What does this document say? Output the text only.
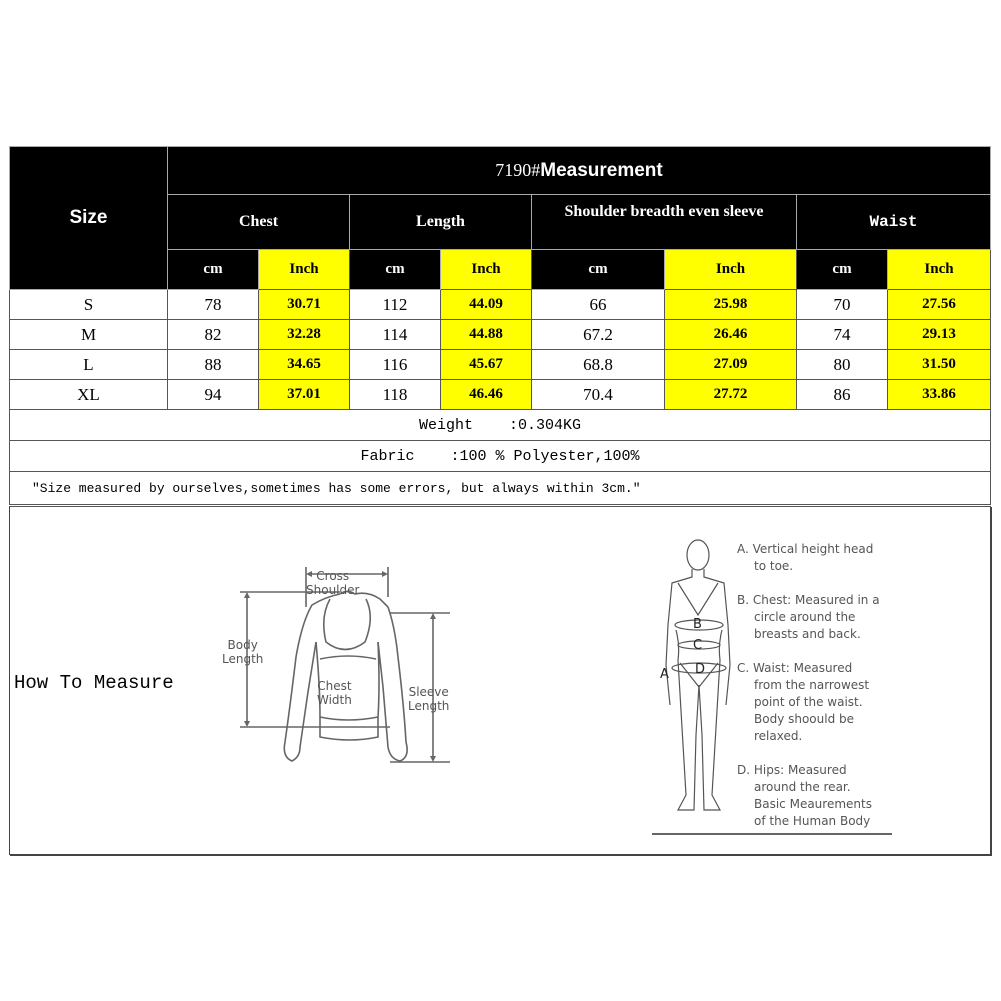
Size	7190#Measurement							
	Chest		Length		Shoulder breadth even sleeve		Waist	
	cm	Inch	cm	Inch	cm	Inch	cm	Inch
S	78	30.71	112	44.09	66	25.98	70	27.56
M	82	32.28	114	44.88	67.2	26.46	74	29.13
L	88	34.65	116	45.67	68.8	27.09	80	31.50
XL	94	37.01	118	46.46	70.4	27.72	86	33.86
Weight    :0.304KG								
Fabric    :100 % Polyester,100%								
"Size measured by ourselves,sometimes has some errors, but always within 3cm."								
How To Measure
Cross
Shoulder
Body
Length
Chest
Width
Sleeve
Length
B
C
D
A

A. Vertical height head

to toe.

B. Chest: Measured in a

circle around the

breasts and back.

C. Waist: Measured

from the narrowest

point of the waist.

Body shoould be

relaxed.

D. Hips: Measured

around the rear.

Basic Meaurements

of the Human Body
